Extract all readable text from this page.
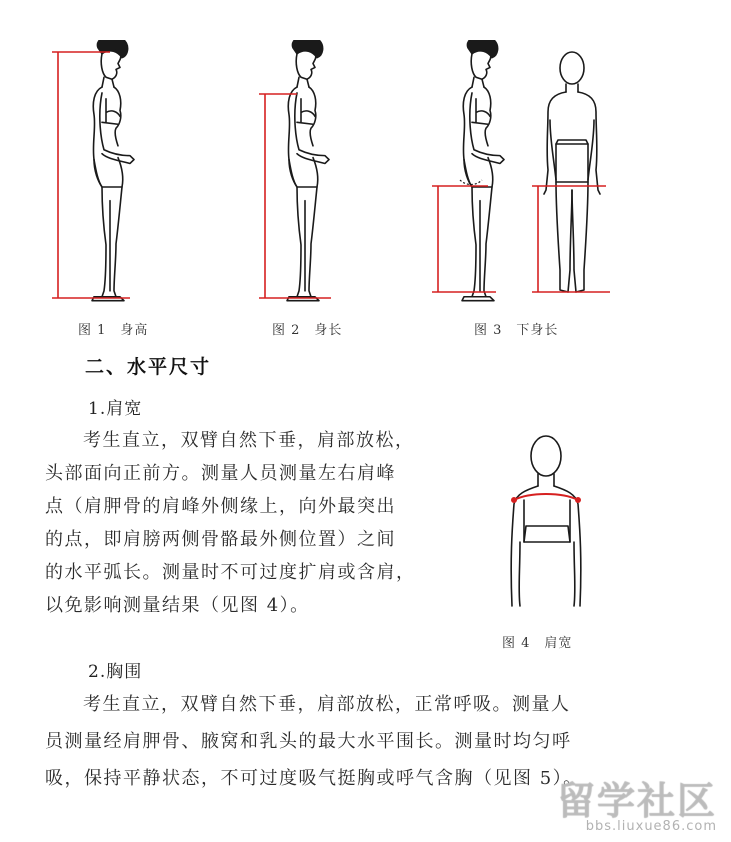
图 1　身高	图 2　身长	图 3　下身长
二、水平尺寸
1.肩宽
考生直立，双臂自然下垂，肩部放松，
头部面向正前方。测量人员测量左右肩峰
点（肩胛骨的肩峰外侧缘上，向外最突出
的点，即肩膀两侧骨骼最外侧位置）之间
的水平弧长。测量时不可过度扩肩或含肩，
以免影响测量结果（见图 4）。
图 4　肩宽
2.胸围
考生直立，双臂自然下垂，肩部放松，正常呼吸。测量人
员测量经肩胛骨、腋窝和乳头的最大水平围长。测量时均匀呼
吸，保持平静状态，不可过度吸气挺胸或呼气含胸（见图 5）。
留学社区
bbs.liuxue86.com
